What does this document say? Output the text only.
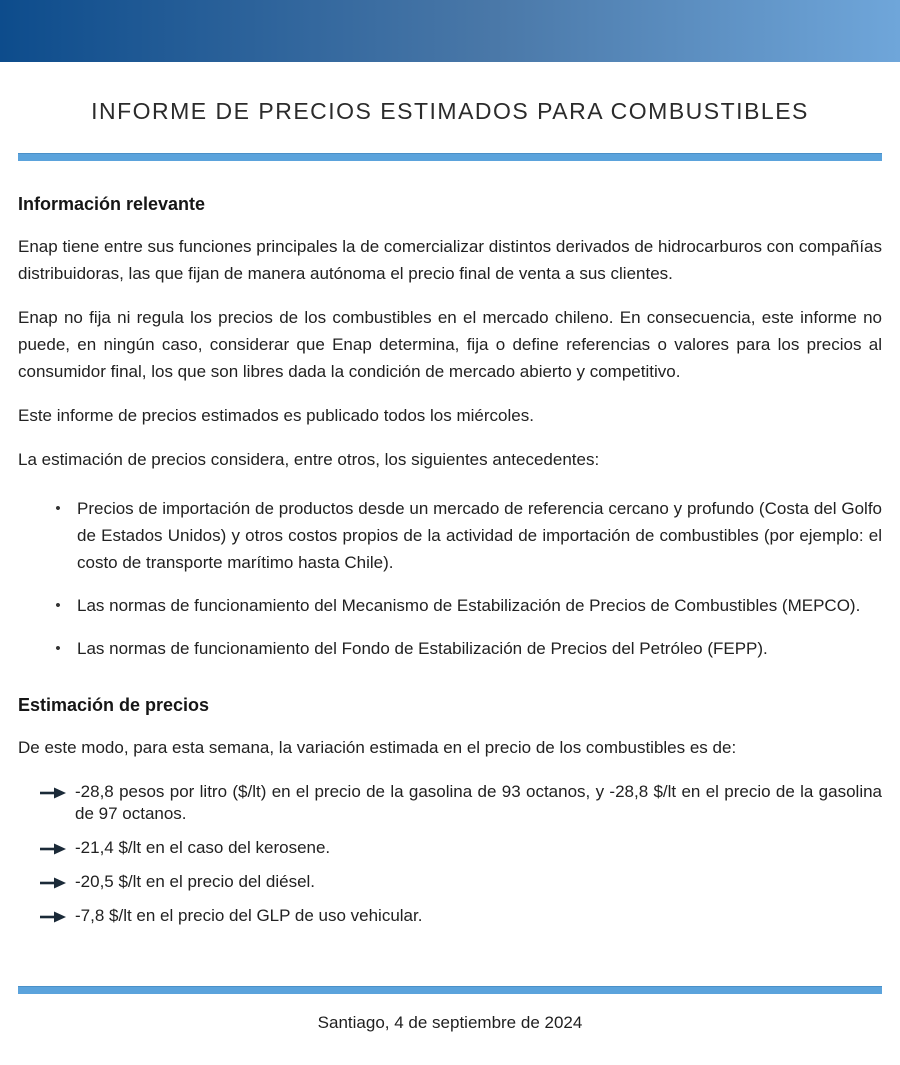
INFORME DE PRECIOS ESTIMADOS PARA COMBUSTIBLES
Información relevante

Enap tiene entre sus funciones principales la de comercializar distintos derivados de hidrocarburos con compañías distribuidoras, las que fijan de manera autónoma el precio final de venta a sus clientes.

Enap no fija ni regula los precios de los combustibles en el mercado chileno. En consecuencia, este informe no puede, en ningún caso, considerar que Enap determina, fija o define referencias o valores para los precios al consumidor final, los que son libres dada la condición de mercado abierto y competitivo.

Este informe de precios estimados es publicado todos los miércoles.

La estimación de precios considera, entre otros, los siguientes antecedentes:

• Precios de importación de productos desde un mercado de referencia cercano y profundo (Costa del Golfo de Estados Unidos) y otros costos propios de la actividad de importación de combustibles (por ejemplo: el costo de transporte marítimo hasta Chile).
• Las normas de funcionamiento del Mecanismo de Estabilización de Precios de Combustibles (MEPCO).
• Las normas de funcionamiento del Fondo de Estabilización de Precios del Petróleo (FEPP).
Estimación de precios

De este modo, para esta semana, la variación estimada en el precio de los combustibles es de:

-28,8 pesos por litro ($/lt) en el precio de la gasolina de 93 octanos, y -28,8 $/lt en el precio de la gasolina de 97 octanos.
-21,4 $/lt en el caso del kerosene.
-20,5 $/lt en el precio del diésel.
-7,8 $/lt en el precio del GLP de uso vehicular.

Santiago, 4 de septiembre de 2024
